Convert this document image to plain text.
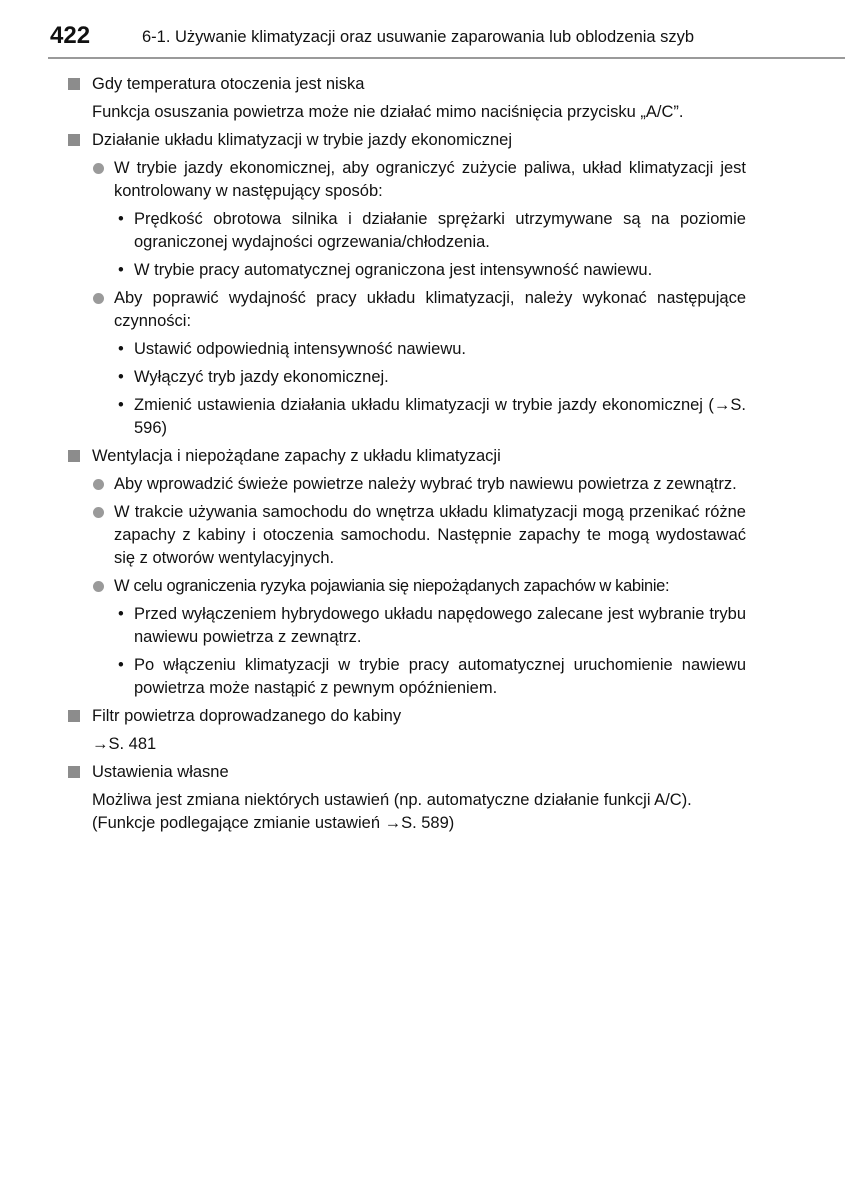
422	6-1. Używanie klimatyzacji oraz usuwanie zaparowania lub oblodzenia szyb
Gdy temperatura otoczenia jest niska
Funkcja osuszania powietrza może nie działać mimo naciśnięcia przycisku „A/C”.
Działanie układu klimatyzacji w trybie jazdy ekonomicznej
W trybie jazdy ekonomicznej, aby ograniczyć zużycie paliwa, układ klimatyzacji jest kontrolowany w następujący sposób:
• Prędkość obrotowa silnika i działanie sprężarki utrzymywane są na poziomie ograniczonej wydajności ogrzewania/chłodzenia.
• W trybie pracy automatycznej ograniczona jest intensywność nawiewu.
Aby poprawić wydajność pracy układu klimatyzacji, należy wykonać następujące czynności:
• Ustawić odpowiednią intensywność nawiewu.
• Wyłączyć tryb jazdy ekonomicznej.
• Zmienić ustawienia działania układu klimatyzacji w trybie jazdy ekonomicznej (→S. 596)
Wentylacja i niepożądane zapachy z układu klimatyzacji
Aby wprowadzić świeże powietrze należy wybrać tryb nawiewu powietrza z zewnątrz.
W trakcie używania samochodu do wnętrza układu klimatyzacji mogą przenikać różne zapachy z kabiny i otoczenia samochodu. Następnie zapachy te mogą wydostawać się z otworów wentylacyjnych.
W celu ograniczenia ryzyka pojawiania się niepożądanych zapachów w kabinie:
• Przed wyłączeniem hybrydowego układu napędowego zalecane jest wybranie trybu nawiewu powietrza z zewnątrz.
• Po włączeniu klimatyzacji w trybie pracy automatycznej uruchomienie nawiewu powietrza może nastąpić z pewnym opóźnieniem.
Filtr powietrza doprowadzanego do kabiny
→S. 481
Ustawienia własne
Możliwa jest zmiana niektórych ustawień (np. automatyczne działanie funkcji A/C).
(Funkcje podlegające zmianie ustawień →S. 589)
